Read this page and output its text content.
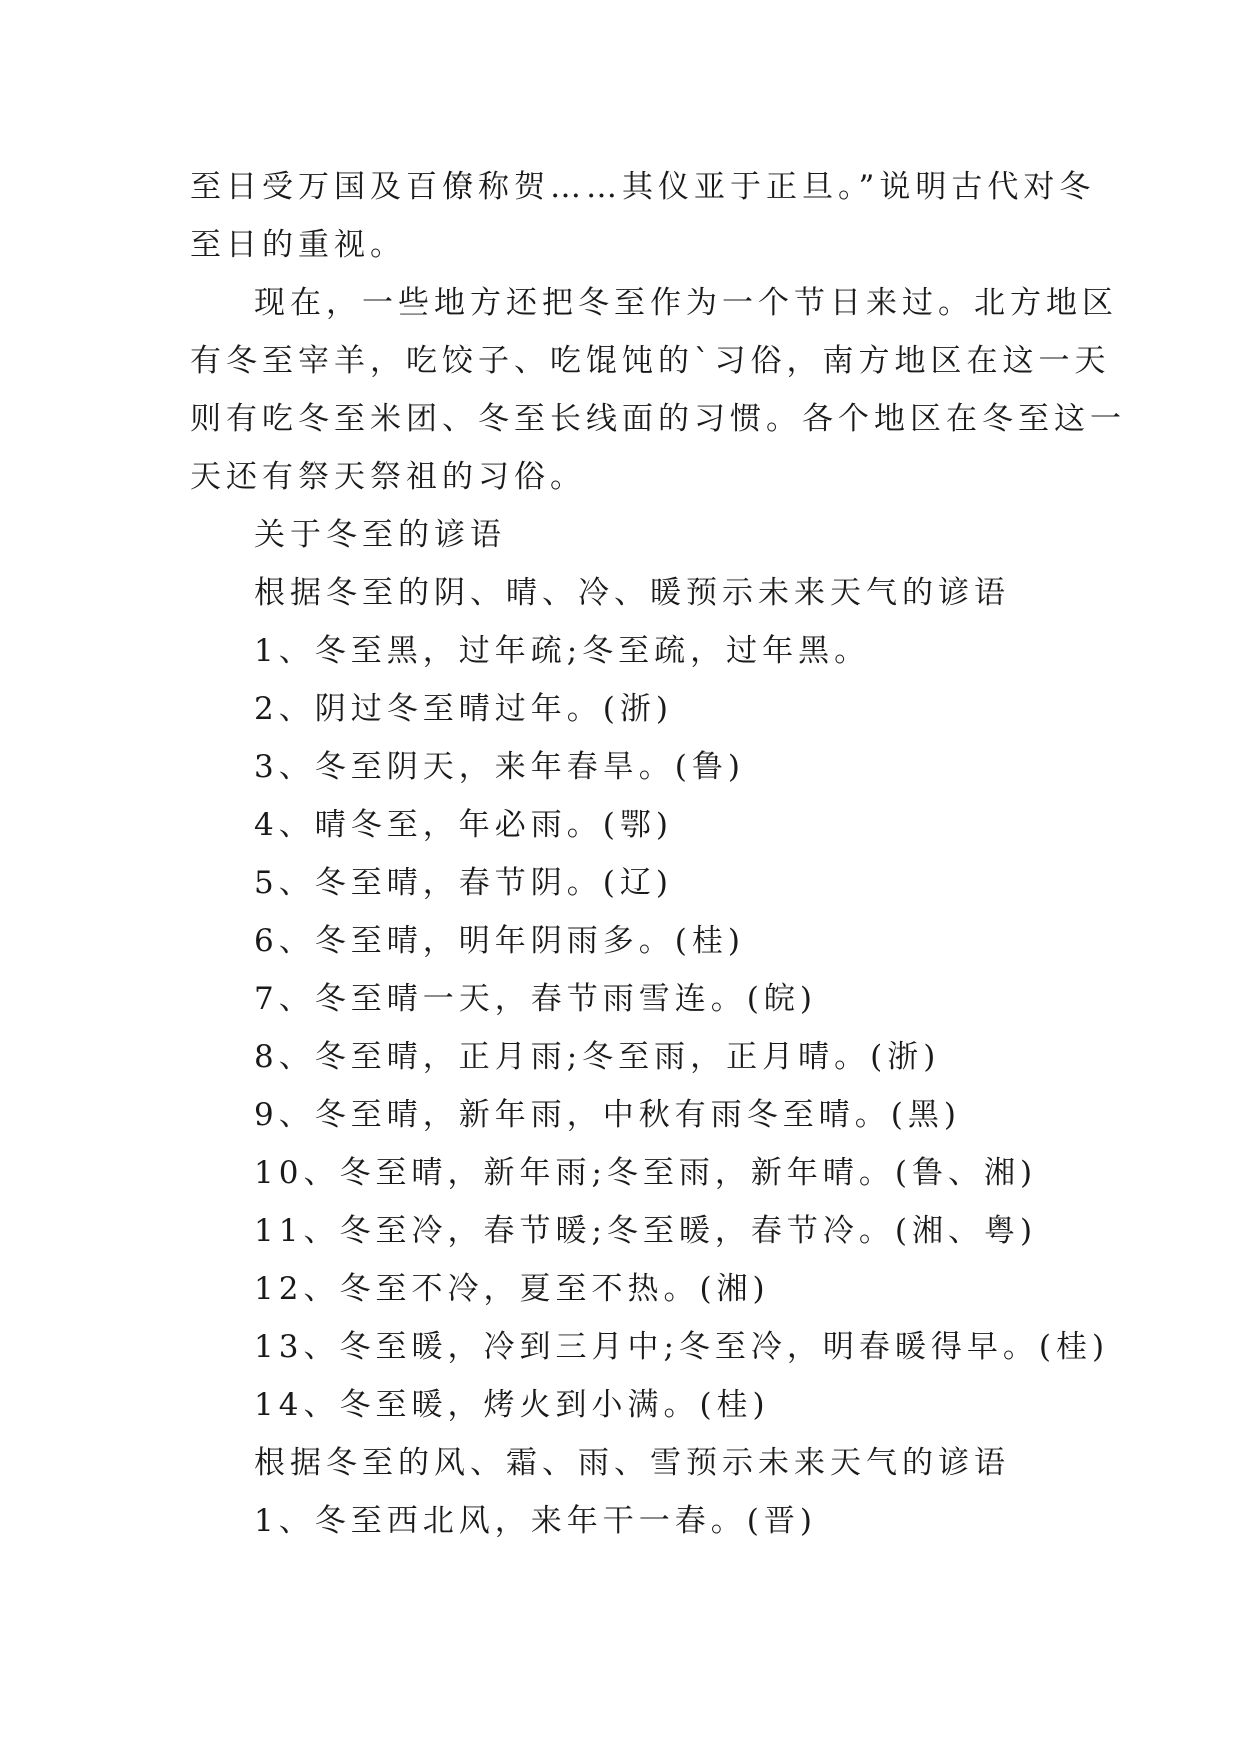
至日受万国及百僚称贺……其仪亚于正旦。”说明古代对冬
至日的重视。
现在，一些地方还把冬至作为一个节日来过。北方地区
有冬至宰羊，吃饺子、吃馄饨的`习俗，南方地区在这一天
则有吃冬至米团、冬至长线面的习惯。各个地区在冬至这一
天还有祭天祭祖的习俗。
关于冬至的谚语
根据冬至的阴、晴、冷、暖预示未来天气的谚语
1、冬至黑，过年疏;冬至疏，过年黑。
2、阴过冬至晴过年。(浙)
3、冬至阴天，来年春旱。(鲁)
4、晴冬至，年必雨。(鄂)
5、冬至晴，春节阴。(辽)
6、冬至晴，明年阴雨多。(桂)
7、冬至晴一天，春节雨雪连。(皖)
8、冬至晴，正月雨;冬至雨，正月晴。(浙)
9、冬至晴，新年雨，中秋有雨冬至晴。(黑)
10、冬至晴，新年雨;冬至雨，新年晴。(鲁、湘)
11、冬至冷，春节暖;冬至暖，春节冷。(湘、粤)
12、冬至不冷，夏至不热。(湘)
13、冬至暖，冷到三月中;冬至冷，明春暖得早。(桂)
14、冬至暖，烤火到小满。(桂)
根据冬至的风、霜、雨、雪预示未来天气的谚语
1、冬至西北风，来年干一春。(晋)
